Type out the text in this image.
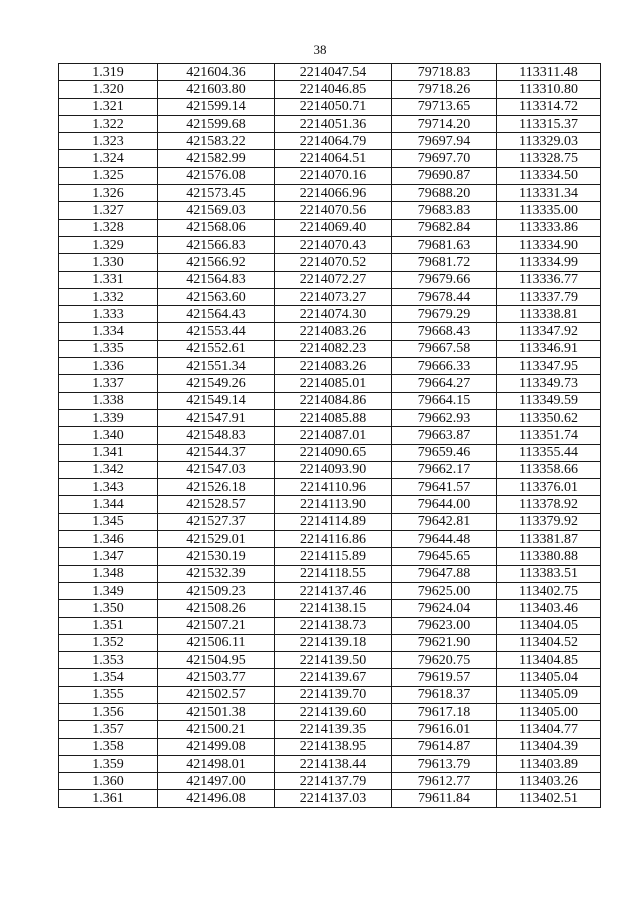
38
1.319	421604.36	2214047.54	79718.83	113311.48
1.320	421603.80	2214046.85	79718.26	113310.80
1.321	421599.14	2214050.71	79713.65	113314.72
1.322	421599.68	2214051.36	79714.20	113315.37
1.323	421583.22	2214064.79	79697.94	113329.03
1.324	421582.99	2214064.51	79697.70	113328.75
1.325	421576.08	2214070.16	79690.87	113334.50
1.326	421573.45	2214066.96	79688.20	113331.34
1.327	421569.03	2214070.56	79683.83	113335.00
1.328	421568.06	2214069.40	79682.84	113333.86
1.329	421566.83	2214070.43	79681.63	113334.90
1.330	421566.92	2214070.52	79681.72	113334.99
1.331	421564.83	2214072.27	79679.66	113336.77
1.332	421563.60	2214073.27	79678.44	113337.79
1.333	421564.43	2214074.30	79679.29	113338.81
1.334	421553.44	2214083.26	79668.43	113347.92
1.335	421552.61	2214082.23	79667.58	113346.91
1.336	421551.34	2214083.26	79666.33	113347.95
1.337	421549.26	2214085.01	79664.27	113349.73
1.338	421549.14	2214084.86	79664.15	113349.59
1.339	421547.91	2214085.88	79662.93	113350.62
1.340	421548.83	2214087.01	79663.87	113351.74
1.341	421544.37	2214090.65	79659.46	113355.44
1.342	421547.03	2214093.90	79662.17	113358.66
1.343	421526.18	2214110.96	79641.57	113376.01
1.344	421528.57	2214113.90	79644.00	113378.92
1.345	421527.37	2214114.89	79642.81	113379.92
1.346	421529.01	2214116.86	79644.48	113381.87
1.347	421530.19	2214115.89	79645.65	113380.88
1.348	421532.39	2214118.55	79647.88	113383.51
1.349	421509.23	2214137.46	79625.00	113402.75
1.350	421508.26	2214138.15	79624.04	113403.46
1.351	421507.21	2214138.73	79623.00	113404.05
1.352	421506.11	2214139.18	79621.90	113404.52
1.353	421504.95	2214139.50	79620.75	113404.85
1.354	421503.77	2214139.67	79619.57	113405.04
1.355	421502.57	2214139.70	79618.37	113405.09
1.356	421501.38	2214139.60	79617.18	113405.00
1.357	421500.21	2214139.35	79616.01	113404.77
1.358	421499.08	2214138.95	79614.87	113404.39
1.359	421498.01	2214138.44	79613.79	113403.89
1.360	421497.00	2214137.79	79612.77	113403.26
1.361	421496.08	2214137.03	79611.84	113402.51
